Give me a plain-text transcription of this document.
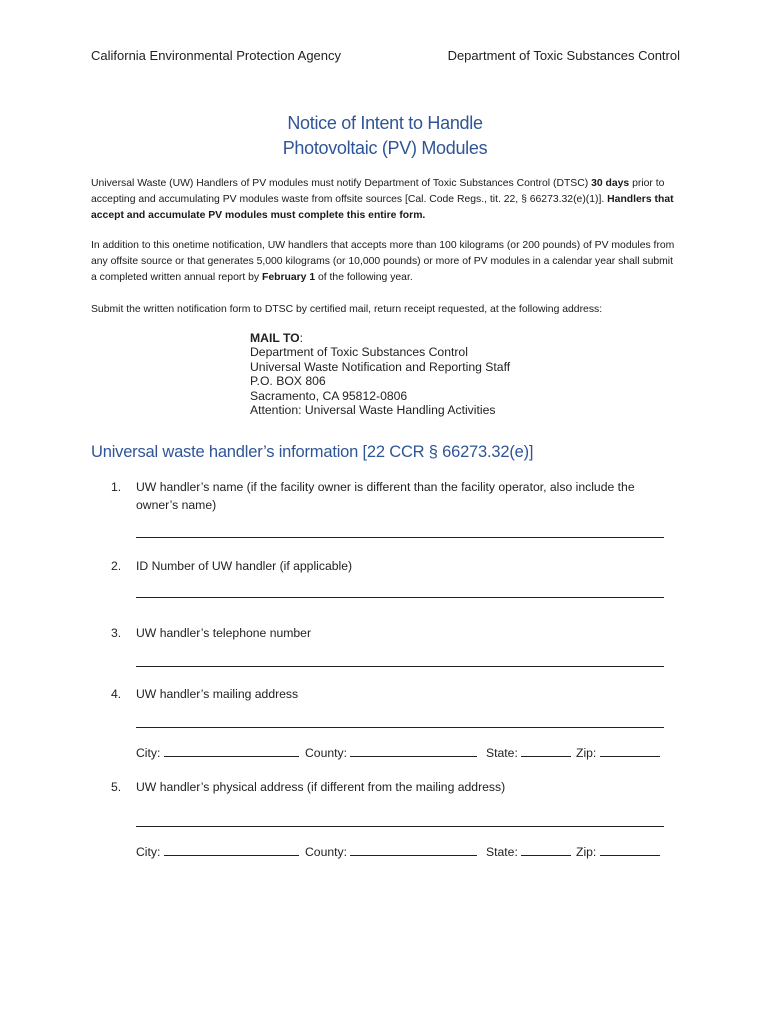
California Environmental Protection Agency	Department of Toxic Substances Control
Notice of Intent to Handle
Photovoltaic (PV) Modules
Universal Waste (UW) Handlers of PV modules must notify Department of Toxic Substances Control (DTSC) 30 days prior to accepting and accumulating PV modules waste from offsite sources [Cal. Code Regs., tit. 22, § 66273.32(e)(1)]. Handlers that accept and accumulate PV modules must complete this entire form.
In addition to this onetime notification, UW handlers that accepts more than 100 kilograms (or 200 pounds) of PV modules from any offsite source or that generates 5,000 kilograms (or 10,000 pounds) or more of PV modules in a calendar year shall submit a completed written annual report by February 1 of the following year.
Submit the written notification form to DTSC by certified mail, return receipt requested, at the following address:
MAIL TO:
Department of Toxic Substances Control
Universal Waste Notification and Reporting Staff
P.O. BOX 806
Sacramento, CA 95812-0806
Attention: Universal Waste Handling Activities
Universal waste handler’s information [22 CCR § 66273.32(e)]
1.	UW handler’s name (if the facility owner is different than the facility operator, also include the owner’s name)
2.	ID Number of UW handler (if applicable)
3.	UW handler’s telephone number
4.	UW handler’s mailing address
City:	County:	State:	Zip:
5.	UW handler’s physical address (if different from the mailing address)
City:	County:	State:	Zip:
